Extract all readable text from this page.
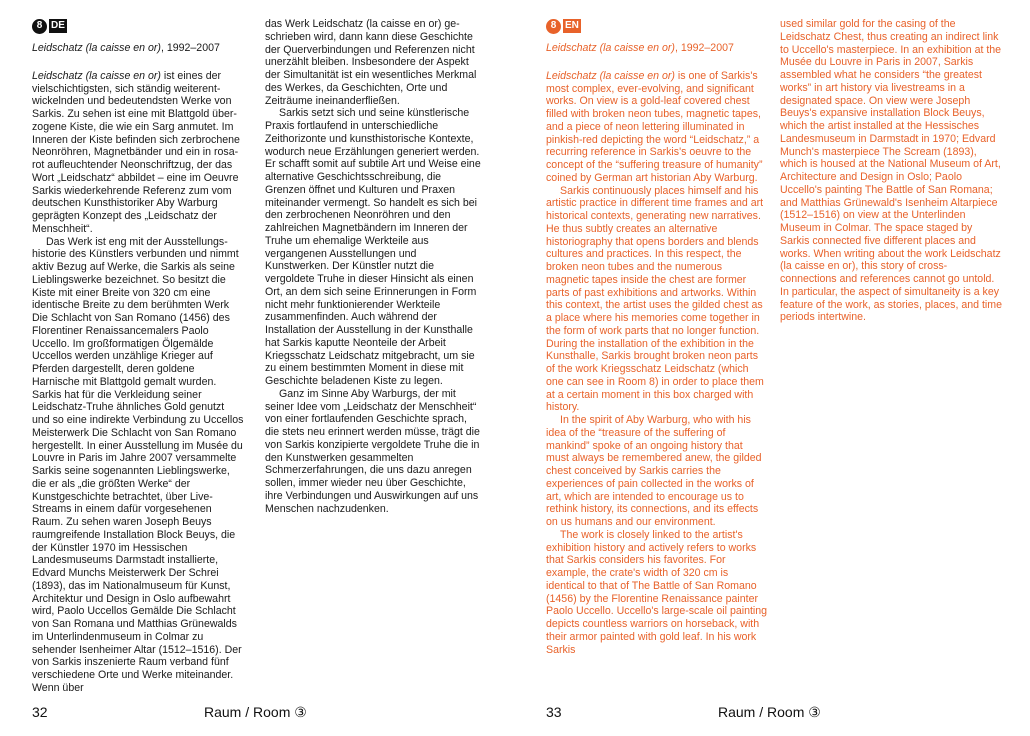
8 DE

Leidschatz (la caisse en or), 1992–2007

Leidschatz (la caisse en or) ist eines der vielschichtigsten, sich ständig weiterentwickelnden und bedeutendsten Werke von Sarkis. Zu sehen ist eine mit Blattgold überzogene Kiste, die wie ein Sarg anmutet. Im Inneren der Kiste befinden sich zerbrochene Neonröhren, Magnetbänder und ein in rosarot aufleuchtender Neonschriftzug, der das Wort „Leidschatz“ abbildet – eine im Oeuvre Sarkis wiederkehrende Referenz zum vom deutschen Kunsthistoriker Aby Warburg geprägten Konzept des „Leidschatz der Menschheit“.

Das Werk ist eng mit der Ausstellungshistorie des Künstlers verbunden und nimmt aktiv Bezug auf Werke, die Sarkis als seine Lieblingswerke bezeichnet. So besitzt die Kiste mit einer Breite von 320 cm eine identische Breite zu dem berühmten Werk Die Schlacht von San Romano (1456) des Florentiner Renaissancemalers Paolo Uccello. Im großformatigen Ölgemälde Uccellos werden unzählige Krieger auf Pferden dargestellt, deren goldene Harnische mit Blattgold gemalt wurden. Sarkis hat für die Verkleidung seiner Leidschatz-Truhe ähnliches Gold genutzt und so eine indirekte Verbindung zu Uccellos Meisterwerk Die Schlacht von San Romano hergestellt. In einer Ausstellung im Musée du Louvre in Paris im Jahre 2007 versammelte Sarkis seine sogenannten Lieblingswerke, die er als „die größten Werke“ der Kunstgeschichte betrachtet, über Live-Streams in einem dafür vorgesehenen Raum. Zu sehen waren Joseph Beuys raumgreifende Installation Block Beuys, die der Künstler 1970 im Hessischen Landesmuseums Darmstadt installierte, Edvard Munchs Meisterwerk Der Schrei (1893), das im Nationalmuseum für Kunst, Architektur und Design in Oslo aufbewahrt wird, Paolo Uccellos Gemälde Die Schlacht von San Romana und Matthias Grünewalds im Unterlindenmuseum in Colmar zu sehender Isenheimer Altar (1512–1516). Der von Sarkis inszenierte Raum verband fünf verschiedene Orte und Werke miteinander. Wenn über

das Werk Leidschatz (la caisse en or) geschrieben wird, dann kann diese Geschichte der Querverbindungen und Referenzen nicht unerzählt bleiben. Insbesondere der Aspekt der Simultanität ist ein wesentliches Merkmal des Werkes, da Geschichten, Orte und Zeiträume ineinanderfließen.

Sarkis setzt sich und seine künstlerische Praxis fortlaufend in unterschiedliche Zeithorizonte und kunsthistorische Kontexte, wodurch neue Erzählungen generiert werden. Er schafft somit auf subtile Art und Weise eine alternative Geschichtsschreibung, die Grenzen öffnet und Kulturen und Praxen miteinander vermengt. So handelt es sich bei den zerbrochenen Neonröhren und den zahlreichen Magnetbändern im Inneren der Truhe um ehemalige Werkteile aus vergangenen Ausstellungen und Kunstwerken. Der Künstler nutzt die vergoldete Truhe in dieser Hinsicht als einen Ort, an dem sich seine Erinnerungen in Form nicht mehr funktionierender Werkteile zusammenfinden. Auch während der Installation der Ausstellung in der Kunsthalle hat Sarkis kaputte Neonteile der Arbeit Kriegsschatz Leidschatz mitgebracht, um sie zu einem bestimmten Moment in diese mit Geschichte beladenen Kiste zu legen.

Ganz im Sinne Aby Warburgs, der mit seiner Idee vom „Leidschatz der Menschheit“ von einer fortlaufenden Geschichte sprach, die stets neu erinnert werden müsse, trägt die von Sarkis konzipierte vergoldete Truhe die in den Kunstwerken gesammelten Schmerzerfahrungen, die uns dazu anregen sollen, immer wieder neu über Geschichte, ihre Verbindungen und Auswirkungen auf uns Menschen nachzudenken.

32	Raum / Room ③
8 EN

Leidschatz (la caisse en or), 1992–2007

Leidschatz (la caisse en or) is one of Sarkis's most complex, ever-evolving, and significant works. On view is a gold-leaf covered chest filled with broken neon tubes, magnetic tapes, and a piece of neon lettering illuminated in pinkish-red depicting the word “Leidschatz,” a recurring reference in Sarkis's oeuvre to the concept of the “suffering treasure of humanity” coined by German art historian Aby Warburg.

Sarkis continuously places himself and his artistic practice in different time frames and art historical contexts, generating new narratives. He thus subtly creates an alternative historiography that opens borders and blends cultures and practices. In this respect, the broken neon tubes and the numerous magnetic tapes inside the chest are former parts of past exhibitions and artworks. Within this context, the artist uses the gilded chest as a place where his memories come together in the form of work parts that no longer function. During the installation of the exhibition in the Kunsthalle, Sarkis brought broken neon parts of the work Kriegsschatz Leidschatz (which one can see in Room 8) in order to place them at a certain moment in this box charged with history.

In the spirit of Aby Warburg, who with his idea of the “treasure of the suffering of mankind” spoke of an ongoing history that must always be remembered anew, the gilded chest conceived by Sarkis carries the experiences of pain collected in the works of art, which are intended to encourage us to rethink history, its connections, and its effects on us humans and our environment.

The work is closely linked to the artist's exhibition history and actively refers to works that Sarkis considers his favorites. For example, the crate's width of 320 cm is identical to that of The Battle of San Romano (1456) by the Florentine Renaissance painter Paolo Uccello. Uccello's large-scale oil painting depicts countless warriors on horseback, with their armor painted with gold leaf. In his work Sarkis

used similar gold for the casing of the Leidschatz Chest, thus creating an indirect link to Uccello's masterpiece. In an exhibition at the Musée du Louvre in Paris in 2007, Sarkis assembled what he considers “the greatest works” in art history via livestreams in a designated space. On view were Joseph Beuys's expansive installation Block Beuys, which the artist installed at the Hessisches Landesmuseum in Darmstadt in 1970; Edvard Munch's masterpiece The Scream (1893), which is housed at the National Museum of Art, Architecture and Design in Oslo; Paolo Uccello's painting The Battle of San Romana; and Matthias Grünewald's Isenheim Altarpiece (1512–1516) on view at the Unterlinden Museum in Colmar. The space staged by Sarkis connected five different places and works. When writing about the work Leidschatz (la caisse en or), this story of cross-connections and references cannot go untold. In particular, the aspect of simultaneity is a key feature of the work, as stories, places, and time periods intertwine.

33	Raum / Room ③
